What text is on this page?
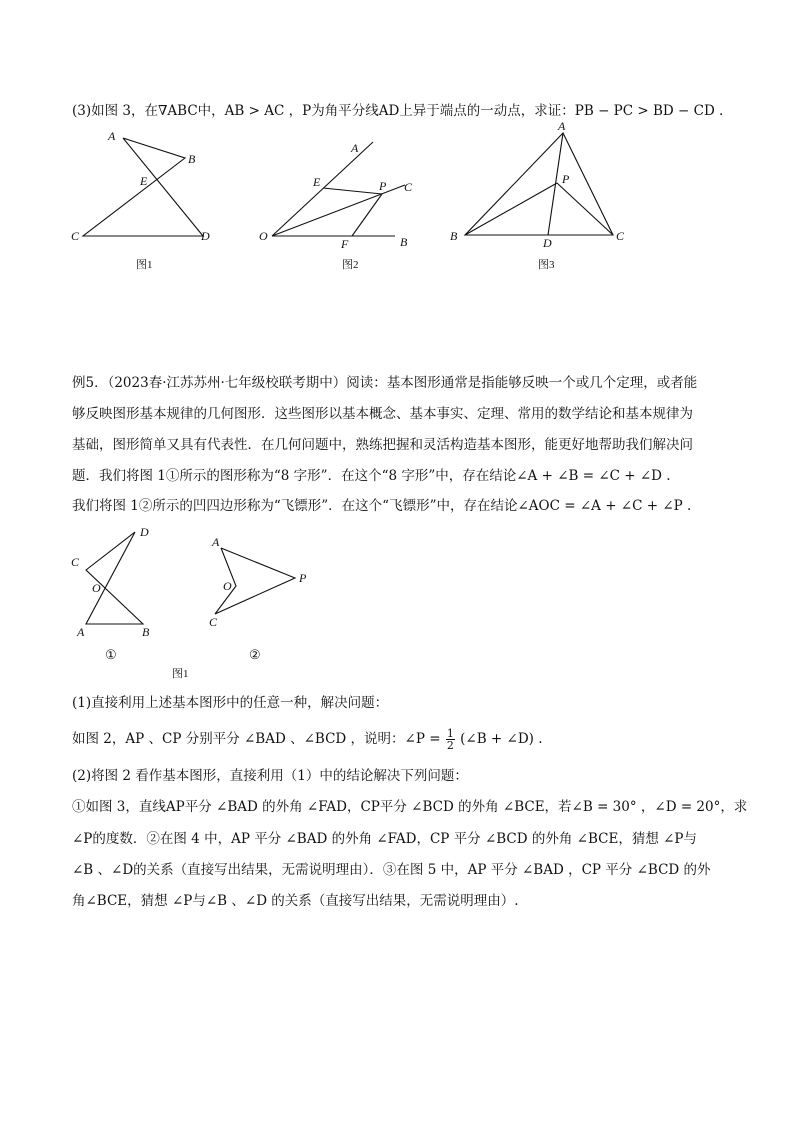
(3)如图 3，在∇ABC中，AB > AC ，P为角平分线AD上异于端点的一动点，求证：PB − PC > BD − CD .
A
B
E
C	D
图1
A
C
E	P
O
F	B
图2
A
P
B	D	C
图3
例5．（2023春·江苏苏州·七年级校联考期中）阅读：基本图形通常是指能够反映一个或几个定理，或者能
够反映图形基本规律的几何图形．这些图形以基本概念、基本事实、定理、常用的数学结论和基本规律为
基础，图形简单又具有代表性．在几何问题中，熟练把握和灵活构造基本图形，能更好地帮助我们解决问
题．我们将图 1①所示的图形称为“8 字形”．在这个“8 字形”中，存在结论∠A + ∠B = ∠C + ∠D .
我们将图 1②所示的凹四边形称为“飞镖形”．在这个“飞镖形”中，存在结论∠AOC = ∠A + ∠C + ∠P .
D
C
O
A	B
①
A
O
P
C
②
图1
(1)直接利用上述基本图形中的任意一种，解决问题：
如图 2，AP 、CP 分别平分 ∠BAD 、∠BCD ，说明：∠P = $\frac{1}{2}$ (∠B + ∠D) .
(2)将图 2 看作基本图形，直接利用（1）中的结论解决下列问题：
①如图 3，直线AP平分 ∠BAD 的外角 ∠FAD，CP平分 ∠BCD 的外角 ∠BCE，若∠B = 30° ，∠D = 20°，求
∠P的度数．②在图 4 中，AP 平分 ∠BAD 的外角 ∠FAD，CP 平分 ∠BCD 的外角 ∠BCE，猜想 ∠P与
∠B 、∠D的关系（直接写出结果，无需说明理由）．③在图 5 中，AP 平分 ∠BAD ，CP 平分 ∠BCD 的外
角∠BCE，猜想 ∠P与∠B 、∠D 的关系（直接写出结果，无需说明理由）.
